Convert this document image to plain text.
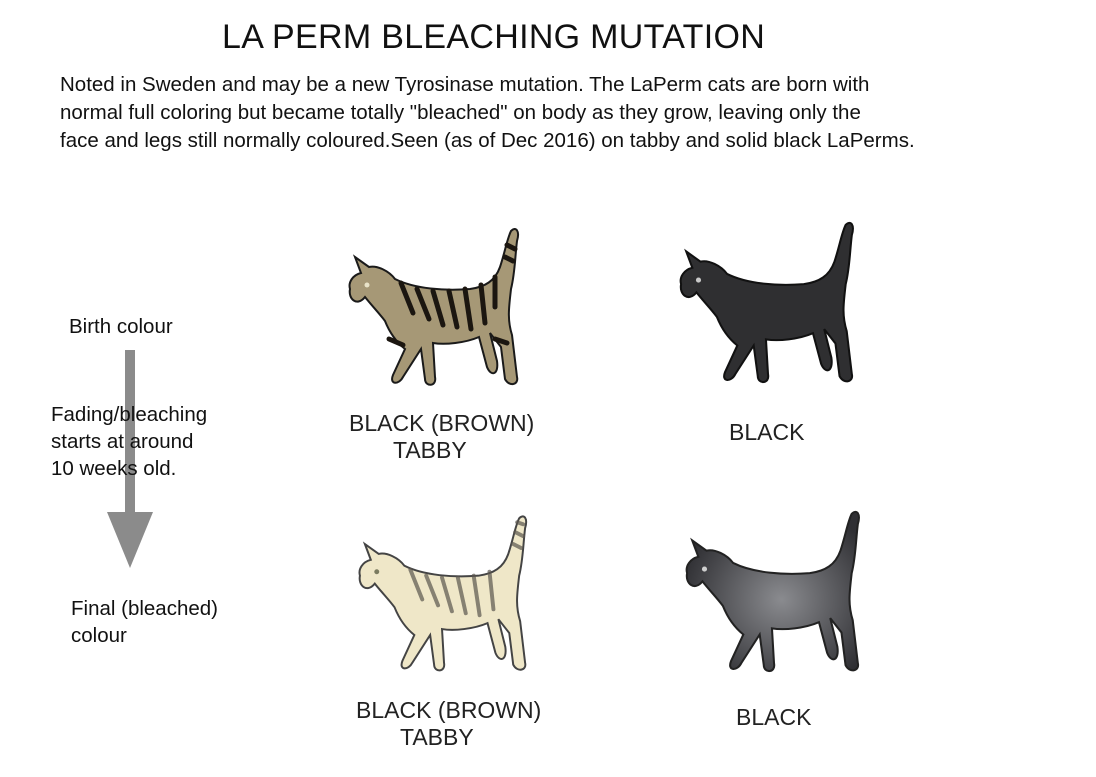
LA PERM BLEACHING MUTATION

Noted in Sweden and may be a new Tyrosinase mutation. The LaPerm cats are born with

normal full coloring but became totally "bleached" on body as they grow, leaving only the

face and legs still normally coloured.Seen (as of Dec 2016) on tabby and solid black LaPerms.

Birth colour
Fading/bleaching
starts at around
10 weeks old.
Final (bleached)
colour
BLACK (BROWN)
TABBY
BLACK
BLACK (BROWN)
TABBY
BLACK
